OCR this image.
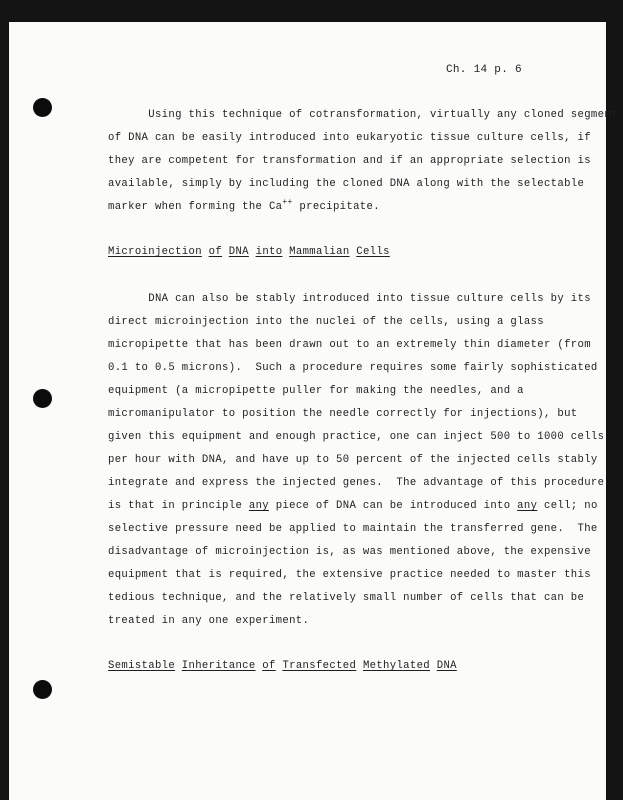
Ch. 14 p. 6
Using this technique of cotransformation, virtually any cloned segment
of DNA can be easily introduced into eukaryotic tissue culture cells, if
they are competent for transformation and if an appropriate selection is
available, simply by including the cloned DNA along with the selectable
marker when forming the Ca++ precipitate.
Microinjection of DNA into Mammalian Cells
DNA can also be stably introduced into tissue culture cells by its
direct microinjection into the nuclei of the cells, using a glass
micropipette that has been drawn out to an extremely thin diameter (from
0.1 to 0.5 microns).  Such a procedure requires some fairly sophisticated
equipment (a micropipette puller for making the needles, and a
micromanipulator to position the needle correctly for injections), but
given this equipment and enough practice, one can inject 500 to 1000 cells
per hour with DNA, and have up to 50 percent of the injected cells stably
integrate and express the injected genes.  The advantage of this procedure
is that in principle any piece of DNA can be introduced into any cell; no
selective pressure need be applied to maintain the transferred gene.  The
disadvantage of microinjection is, as was mentioned above, the expensive
equipment that is required, the extensive practice needed to master this
tedious technique, and the relatively small number of cells that can be
treated in any one experiment.
Semistable Inheritance of Transfected Methylated DNA
